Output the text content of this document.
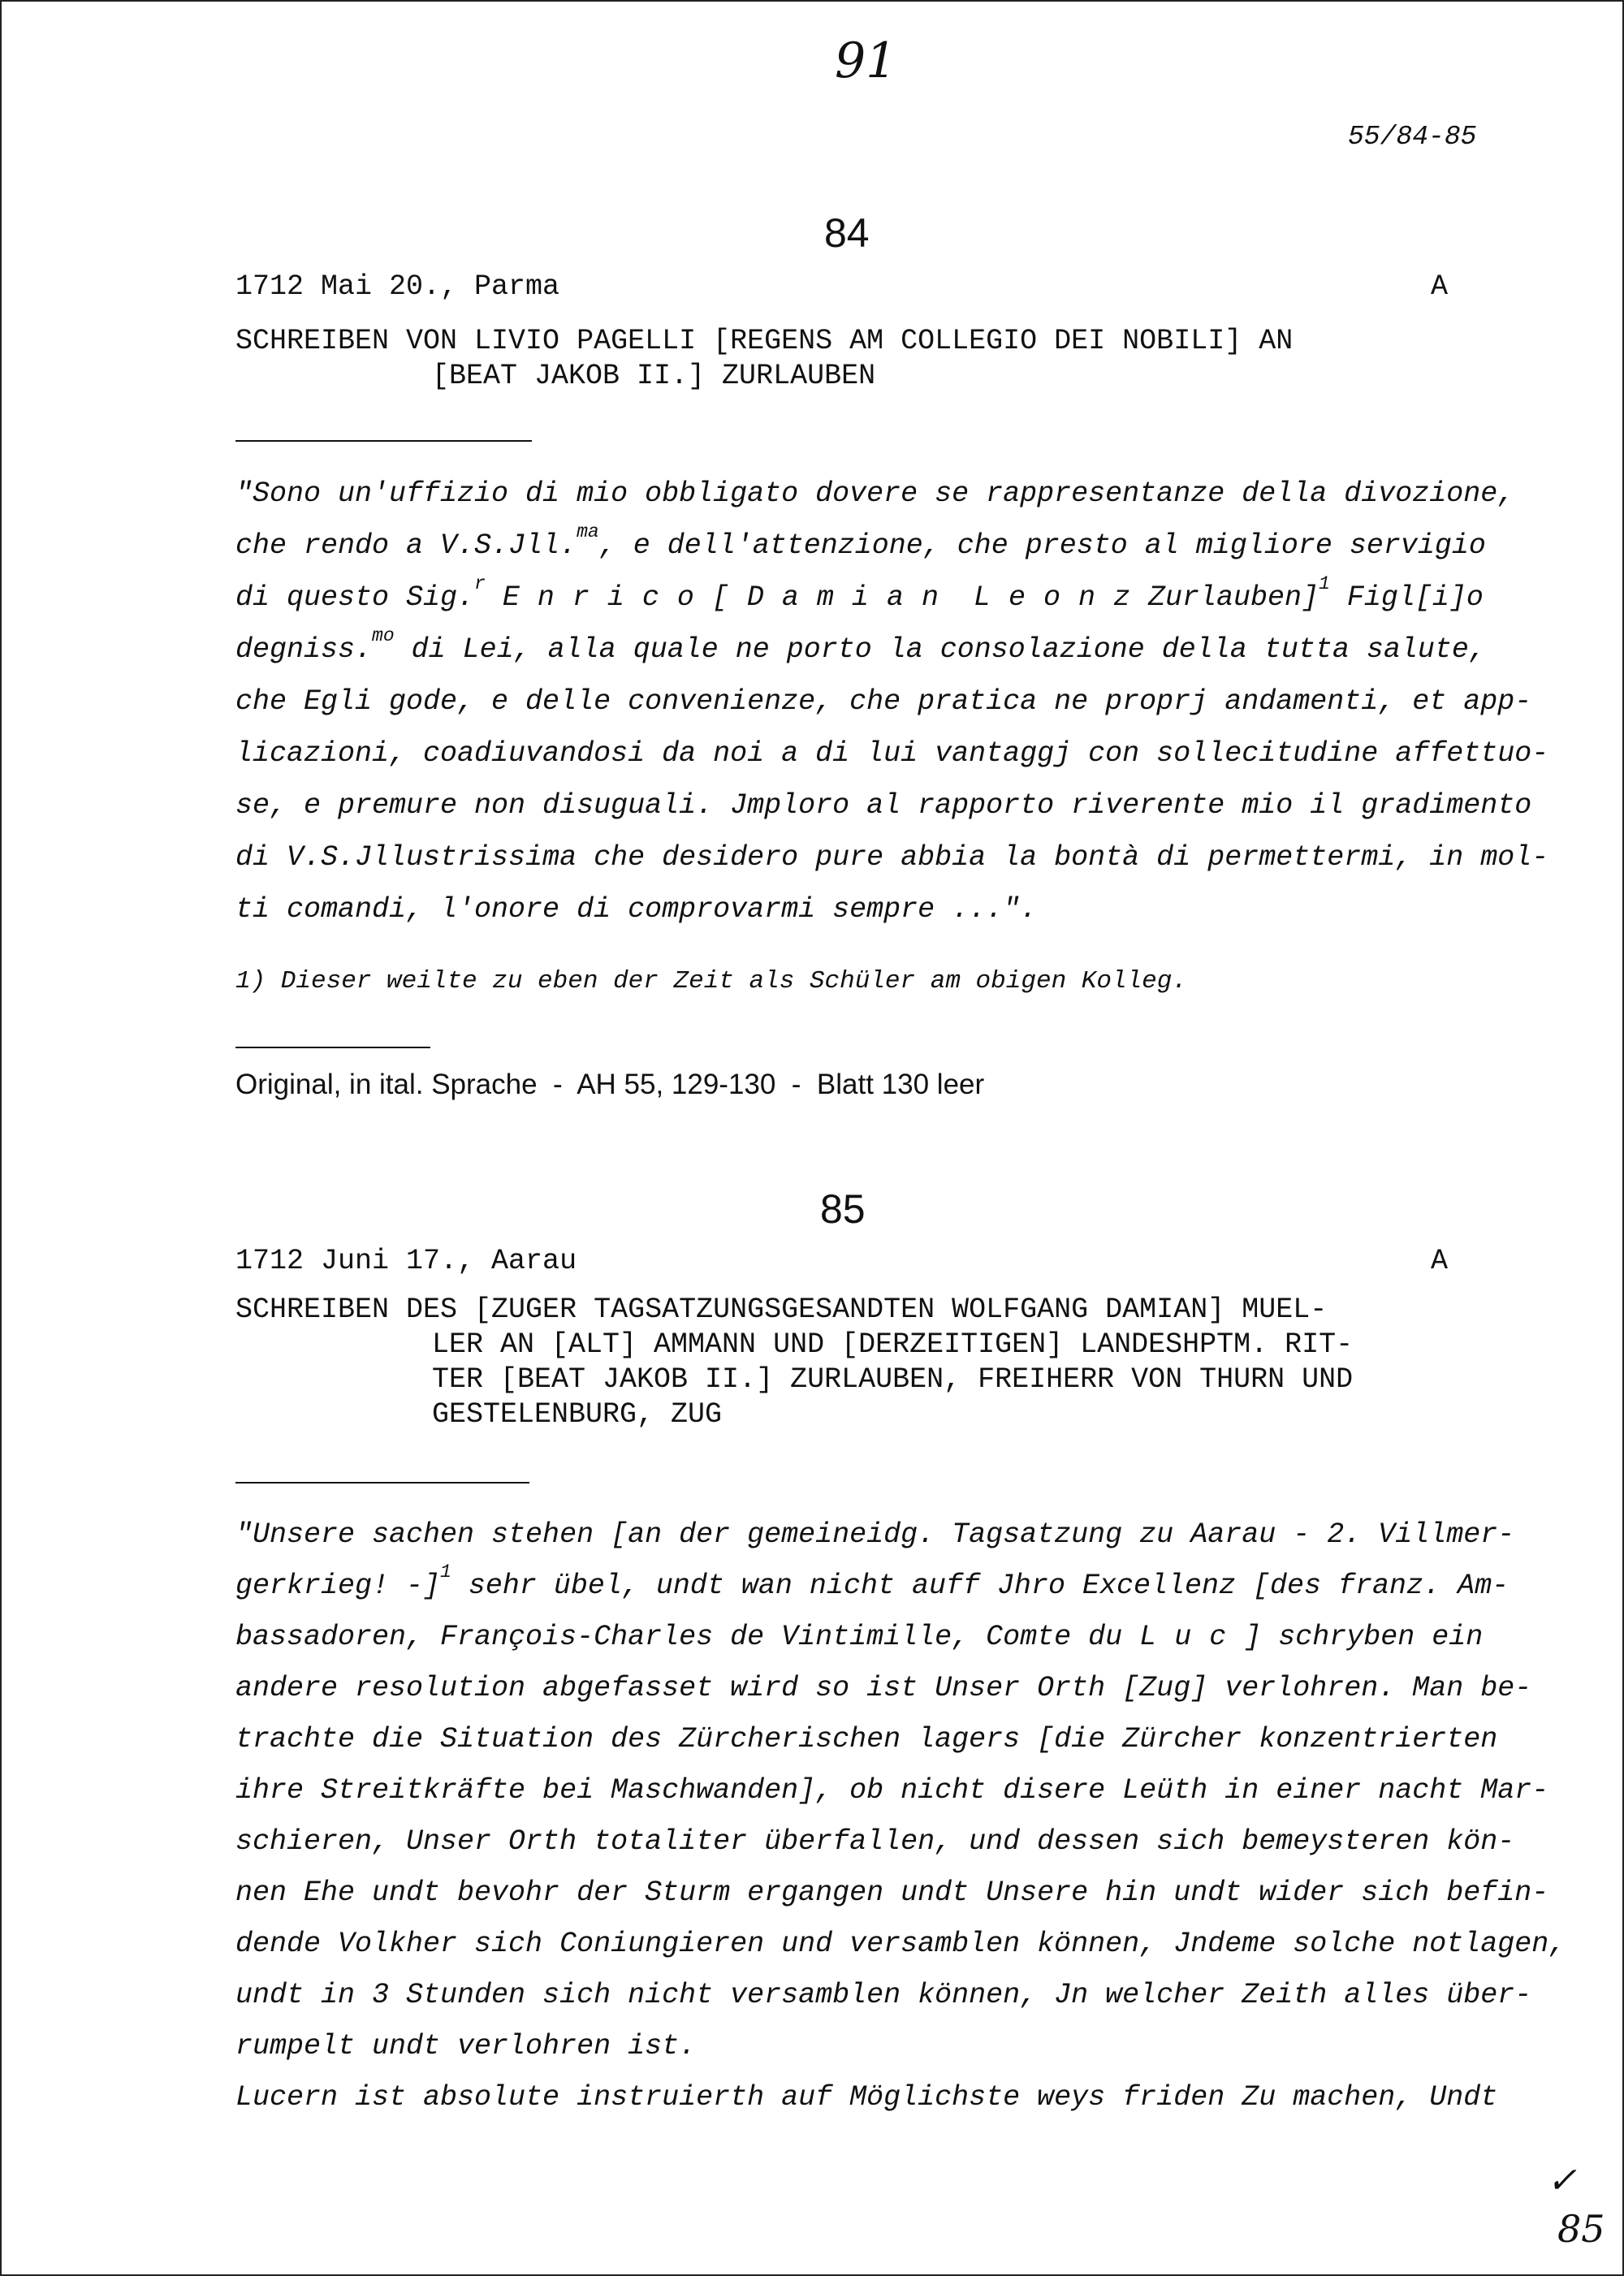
91
55/84-85
84
1712 Mai 20., Parma	A
SCHREIBEN VON LIVIO PAGELLI [REGENS AM COLLEGIO DEI NOBILI] AN
[BEAT JAKOB II.] ZURLAUBEN
"Sono un'uffizio di mio obbligato dovere se rappresentanze della divozione,
che rendo a V.S.Jll.$^{ma}$, e dell'attenzione, che presto al migliore servigio
di questo Sig.$^r$ Enrico[Damian LeonzZurlauben]$^1$ Figl[i]o
degniss.$^{mo}$ di Lei, alla quale ne porto la consolazione della tutta salute,
che Egli gode, e delle convenienze, che pratica ne proprj andamenti, et app-
licazioni, coadiuvandosi da noi a di lui vantaggj con sollecitudine affettuo-
se, e premure non disuguali. Jmploro al rapporto riverente mio il gradimento
di V.S.Jllustrissima che desidero pure abbia la bontà di permettermi, in mol-
ti comandi, l'onore di comprovarmi sempre ...".
1) Dieser weilte zu eben der Zeit als Schüler am obigen Kolleg.
Original, in ital. Sprache  -  AH 55, 129-130  -  Blatt 130 leer
85
1712 Juni 17., Aarau	A
SCHREIBEN DES [ZUGER TAGSATZUNGSGESANDTEN WOLFGANG DAMIAN] MUEL-
LER AN [ALT] AMMANN UND [DERZEITIGEN] LANDESHPTM. RIT-
TER [BEAT JAKOB II.] ZURLAUBEN, FREIHERR VON THURN UND
GESTELENBURG, ZUG
"Unsere sachen stehen [an der gemeineidg. Tagsatzung zu Aarau - 2. Villmer-
gerkrieg! -]$^1$ sehr übel, undt wan nicht auff Jhro Excellenz [des franz. Am-
bassadoren, François-Charles de Vintimille, Comte du Luc] schryben ein
andere resolution abgefasset wird so ist Unser Orth [Zug] verlohren. Man be-
trachte die Situation des Zürcherischen lagers [die Zürcher konzentrierten
ihre Streitkräfte bei Maschwanden], ob nicht disere Leüth in einer nacht Mar-
schieren, Unser Orth totaliter überfallen, und dessen sich bemeysteren kön-
nen Ehe undt bevohr der Sturm ergangen undt Unsere hin undt wider sich befin-
dende Volkher sich Coniungieren und versamblen können, Jndeme solche notlagen,
undt in 3 Stunden sich nicht versamblen können, Jn welcher Zeith alles über-
rumpelt undt verlohren ist.
Lucern ist absolute instruierth auf Möglichste weys friden Zu machen, Undt
✓
85
